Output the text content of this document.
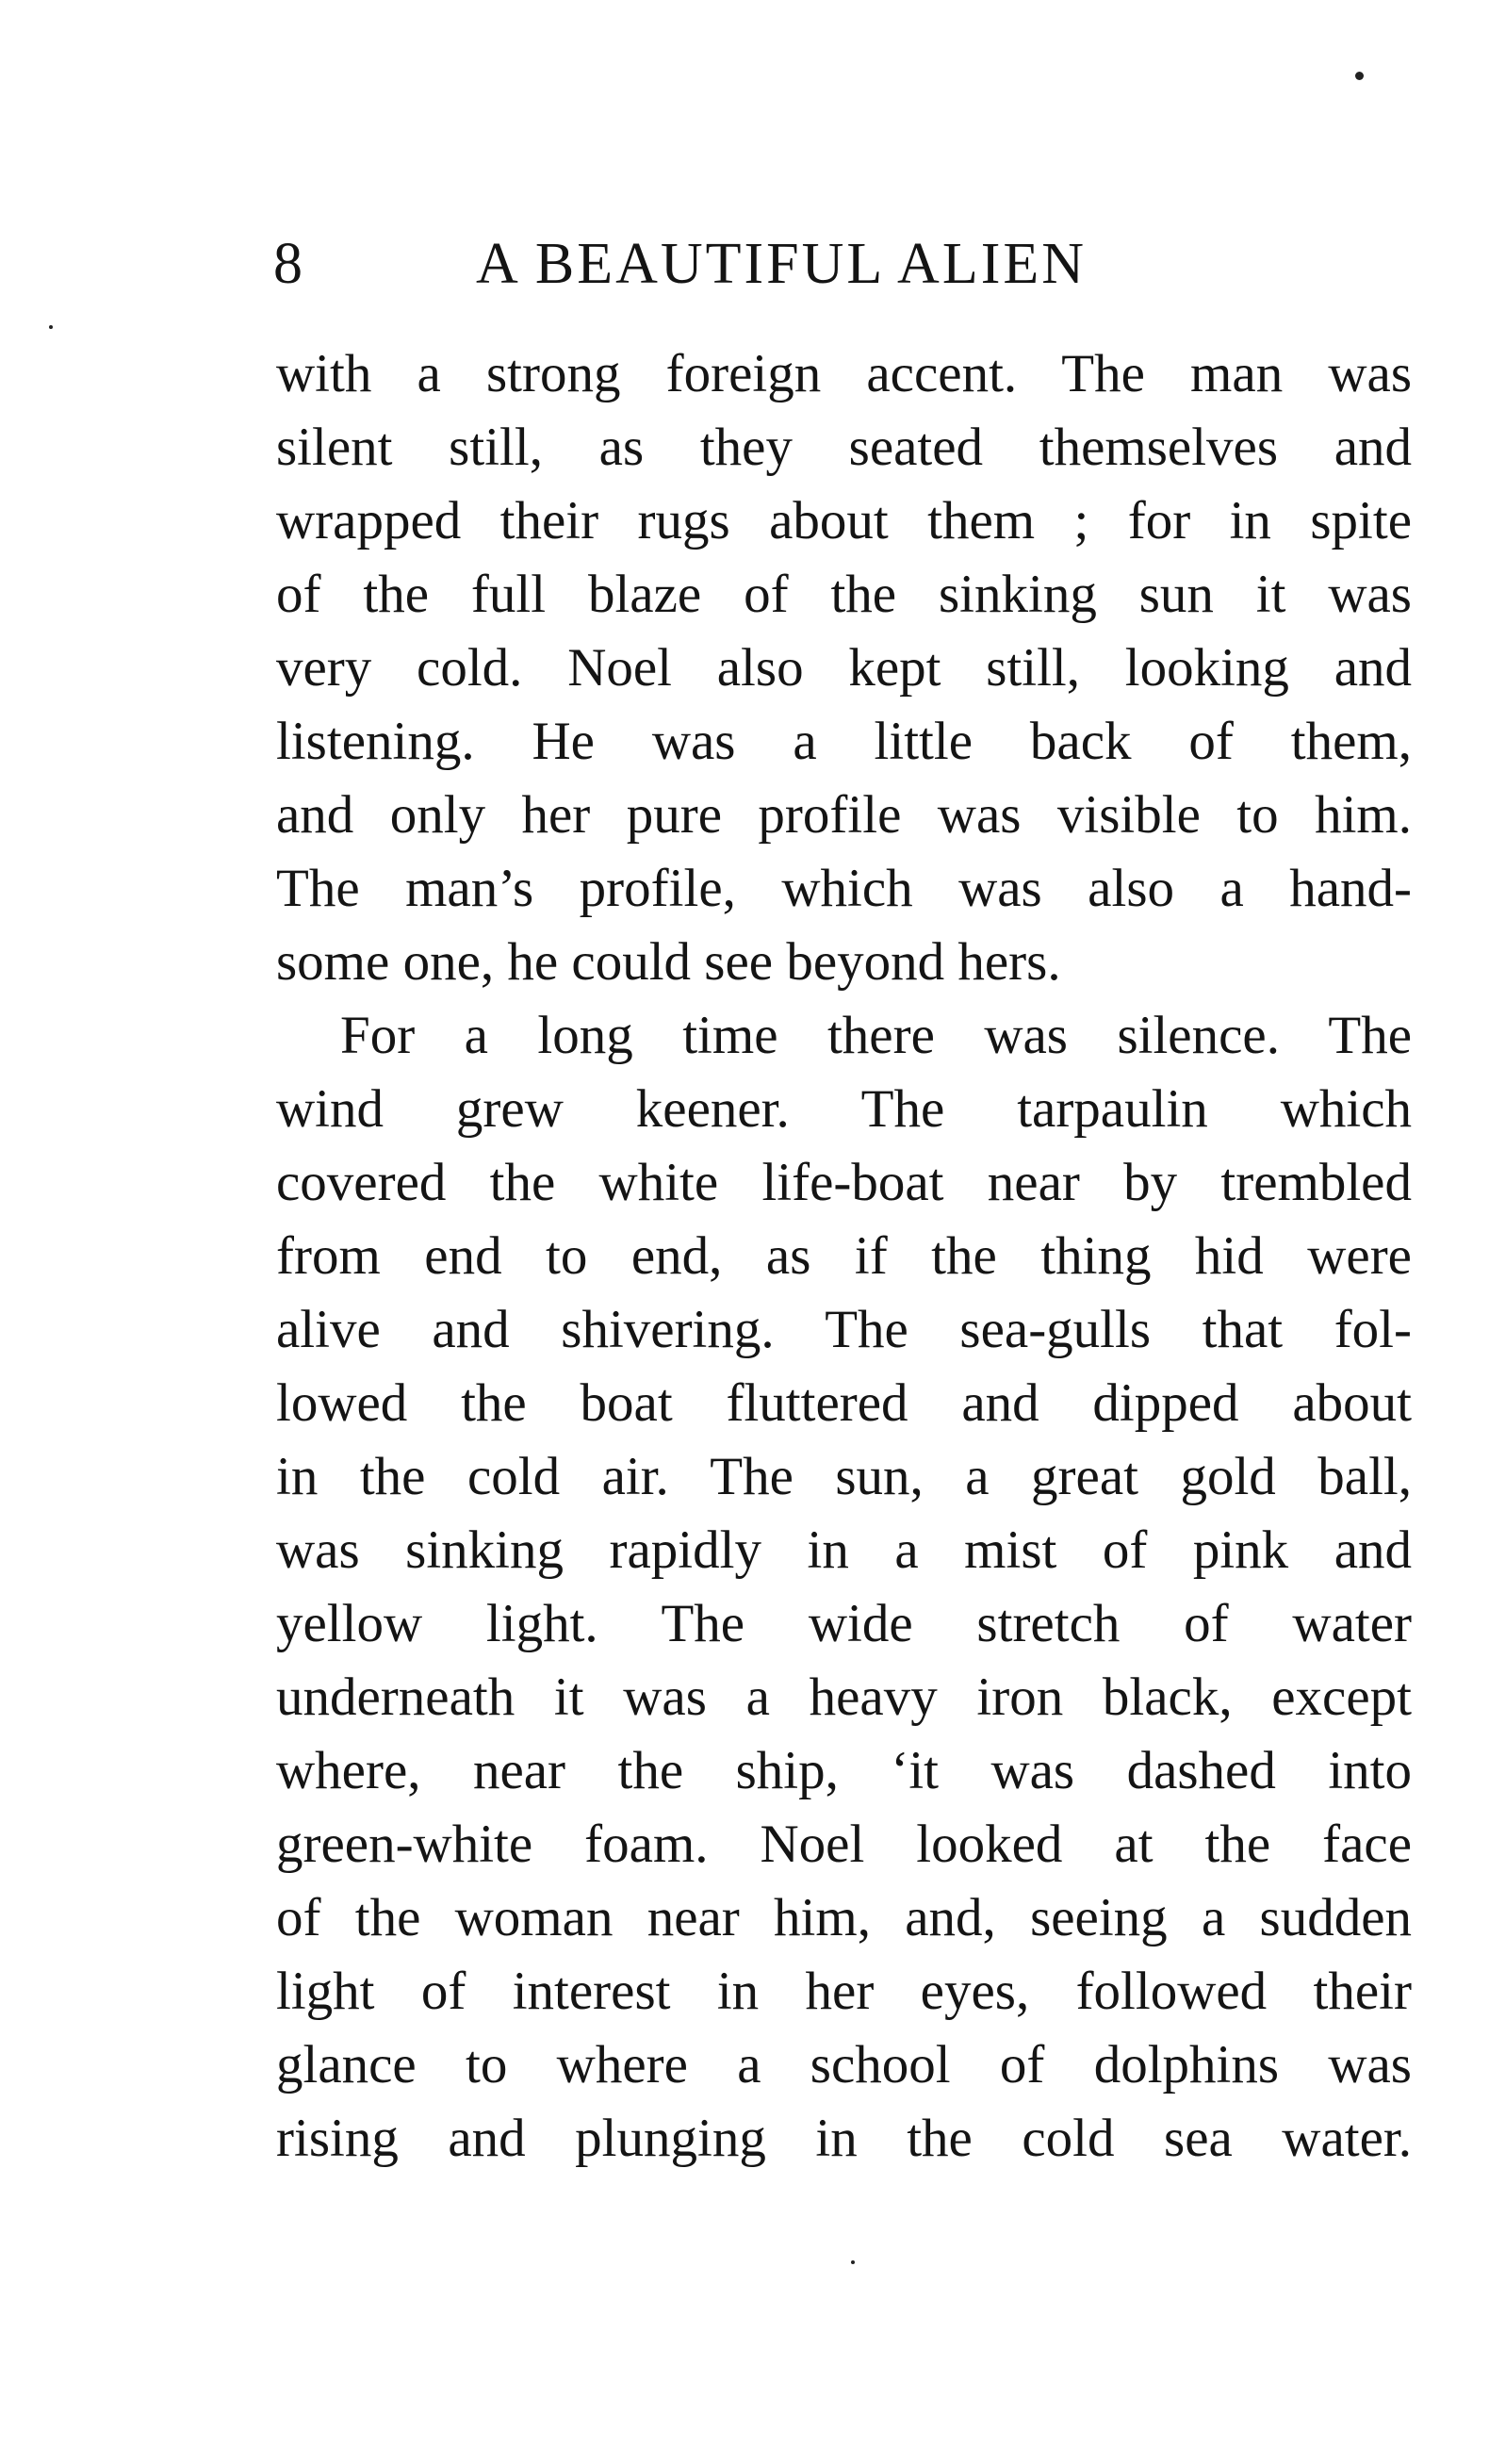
8	A BEAUTIFUL ALIEN
with a strong foreign accent. The man was
silent still, as they seated themselves and
wrapped their rugs about them ; for in spite
of the full blaze of the sinking sun it was
very cold. Noel also kept still, looking and
listening. He was a little back of them,
and only her pure profile was visible to him.
The man’s profile, which was also a hand-
some one, he could see beyond hers.
For a long time there was silence. The
wind grew keener. The tarpaulin which
covered the white life-boat near by trembled
from end to end, as if the thing hid were
alive and shivering. The sea-gulls that fol-
lowed the boat fluttered and dipped about
in the cold air. The sun, a great gold ball,
was sinking rapidly in a mist of pink and
yellow light. The wide stretch of water
underneath it was a heavy iron black, except
where, near the ship, ‘it was dashed into
green-white foam. Noel looked at the face
of the woman near him, and, seeing a sudden
light of interest in her eyes, followed their
glance to where a school of dolphins was
rising and plunging in the cold sea water.
